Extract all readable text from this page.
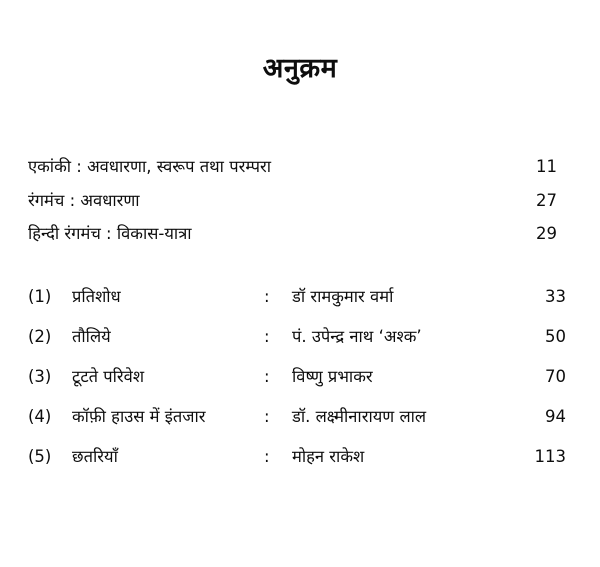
अनुक्रम
एकांकी : अवधारणा, स्वरूप तथा परम्परा	11
रंगमंच : अवधारणा	27
हिन्दी रंगमंच : विकास-यात्रा	29
(1)	प्रतिशोध	:	डॉ रामकुमार वर्मा	33
(2)	तौलिये	:	पं. उपेन्द्र नाथ ‘अश्क’	50
(3)	टूटते परिवेश	:	विष्णु प्रभाकर	70
(4)	कॉफ़ी हाउस में इंतजार	:	डॉ. लक्ष्मीनारायण लाल	94
(5)	छतरियाँ	:	मोहन राकेश	113
